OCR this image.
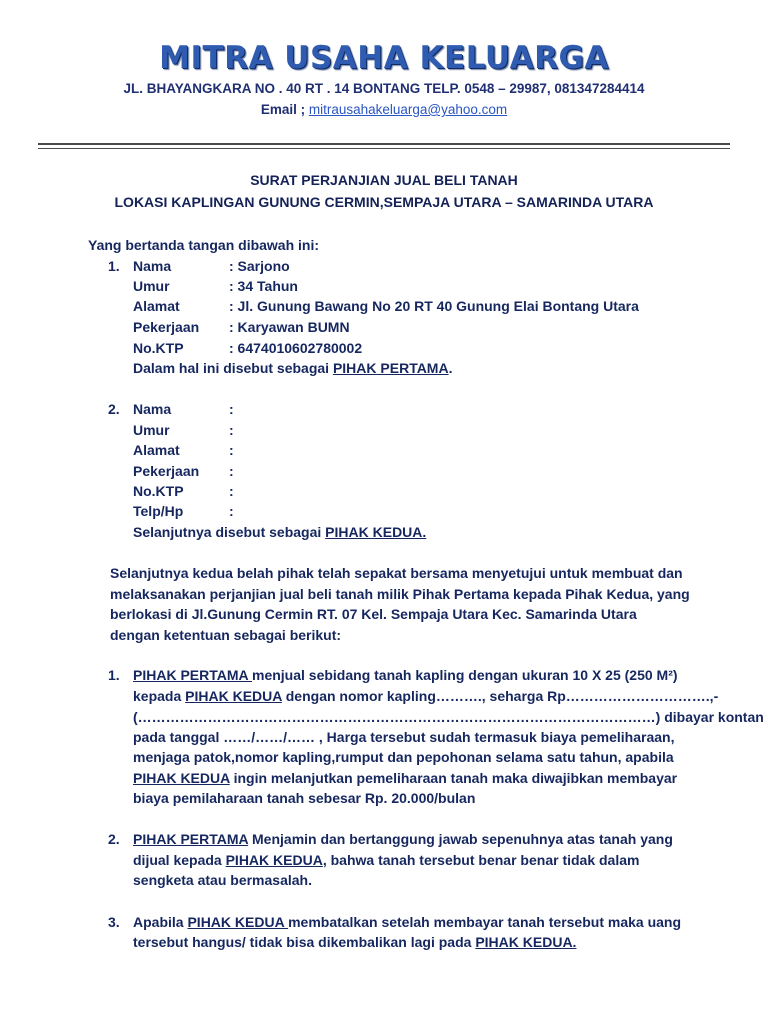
MITRA USAHA KELUARGA
JL. BHAYANGKARA NO . 40 RT . 14 BONTANG TELP. 0548 – 29987, 081347284414
Email ; mitrausahakeluarga@yahoo.com
SURAT PERJANJIAN JUAL BELI TANAH
LOKASI KAPLINGAN GUNUNG CERMIN,SEMPAJA UTARA – SAMARINDA UTARA
Yang bertanda tangan dibawah ini:
1. Nama	: Sarjono
Umur	: 34 Tahun
Alamat	: Jl. Gunung Bawang No 20 RT 40 Gunung Elai Bontang Utara
Pekerjaan : Karyawan BUMN
No.KTP	: 6474010602780002
Dalam hal ini disebut sebagai PIHAK PERTAMA.
2. Nama	:
Umur	:
Alamat	:
Pekerjaan :
No.KTP	:
Telp/Hp	:
Selanjutnya disebut sebagai PIHAK KEDUA.
Selanjutnya kedua belah pihak telah sepakat bersama menyetujui untuk membuat dan
melaksanakan perjanjian jual beli tanah milik Pihak Pertama kepada Pihak Kedua, yang
berlokasi di Jl.Gunung Cermin RT. 07 Kel. Sempaja Utara Kec. Samarinda Utara
dengan ketentuan sebagai berikut:
1. PIHAK PERTAMA menjual sebidang tanah kapling dengan ukuran 10 X 25 (250 M²)
kepada PIHAK KEDUA dengan nomor kapling………., seharga Rp………………………….,-
(…………………………………………………………………………………………………) dibayar kontan
pada tanggal ……/……/…… , Harga tersebut sudah termasuk biaya pemeliharaan,
menjaga patok,nomor kapling,rumput dan pepohonan selama satu tahun, apabila
PIHAK KEDUA ingin melanjutkan pemeliharaan tanah maka diwajibkan membayar
biaya pemilaharaan tanah sebesar Rp. 20.000/bulan
2. PIHAK PERTAMA Menjamin dan bertanggung jawab sepenuhnya atas tanah yang
dijual kepada PIHAK KEDUA, bahwa tanah tersebut benar benar tidak dalam
sengketa atau bermasalah.
3. Apabila PIHAK KEDUA membatalkan setelah membayar tanah tersebut maka uang
tersebut hangus/ tidak bisa dikembalikan lagi pada PIHAK KEDUA.
